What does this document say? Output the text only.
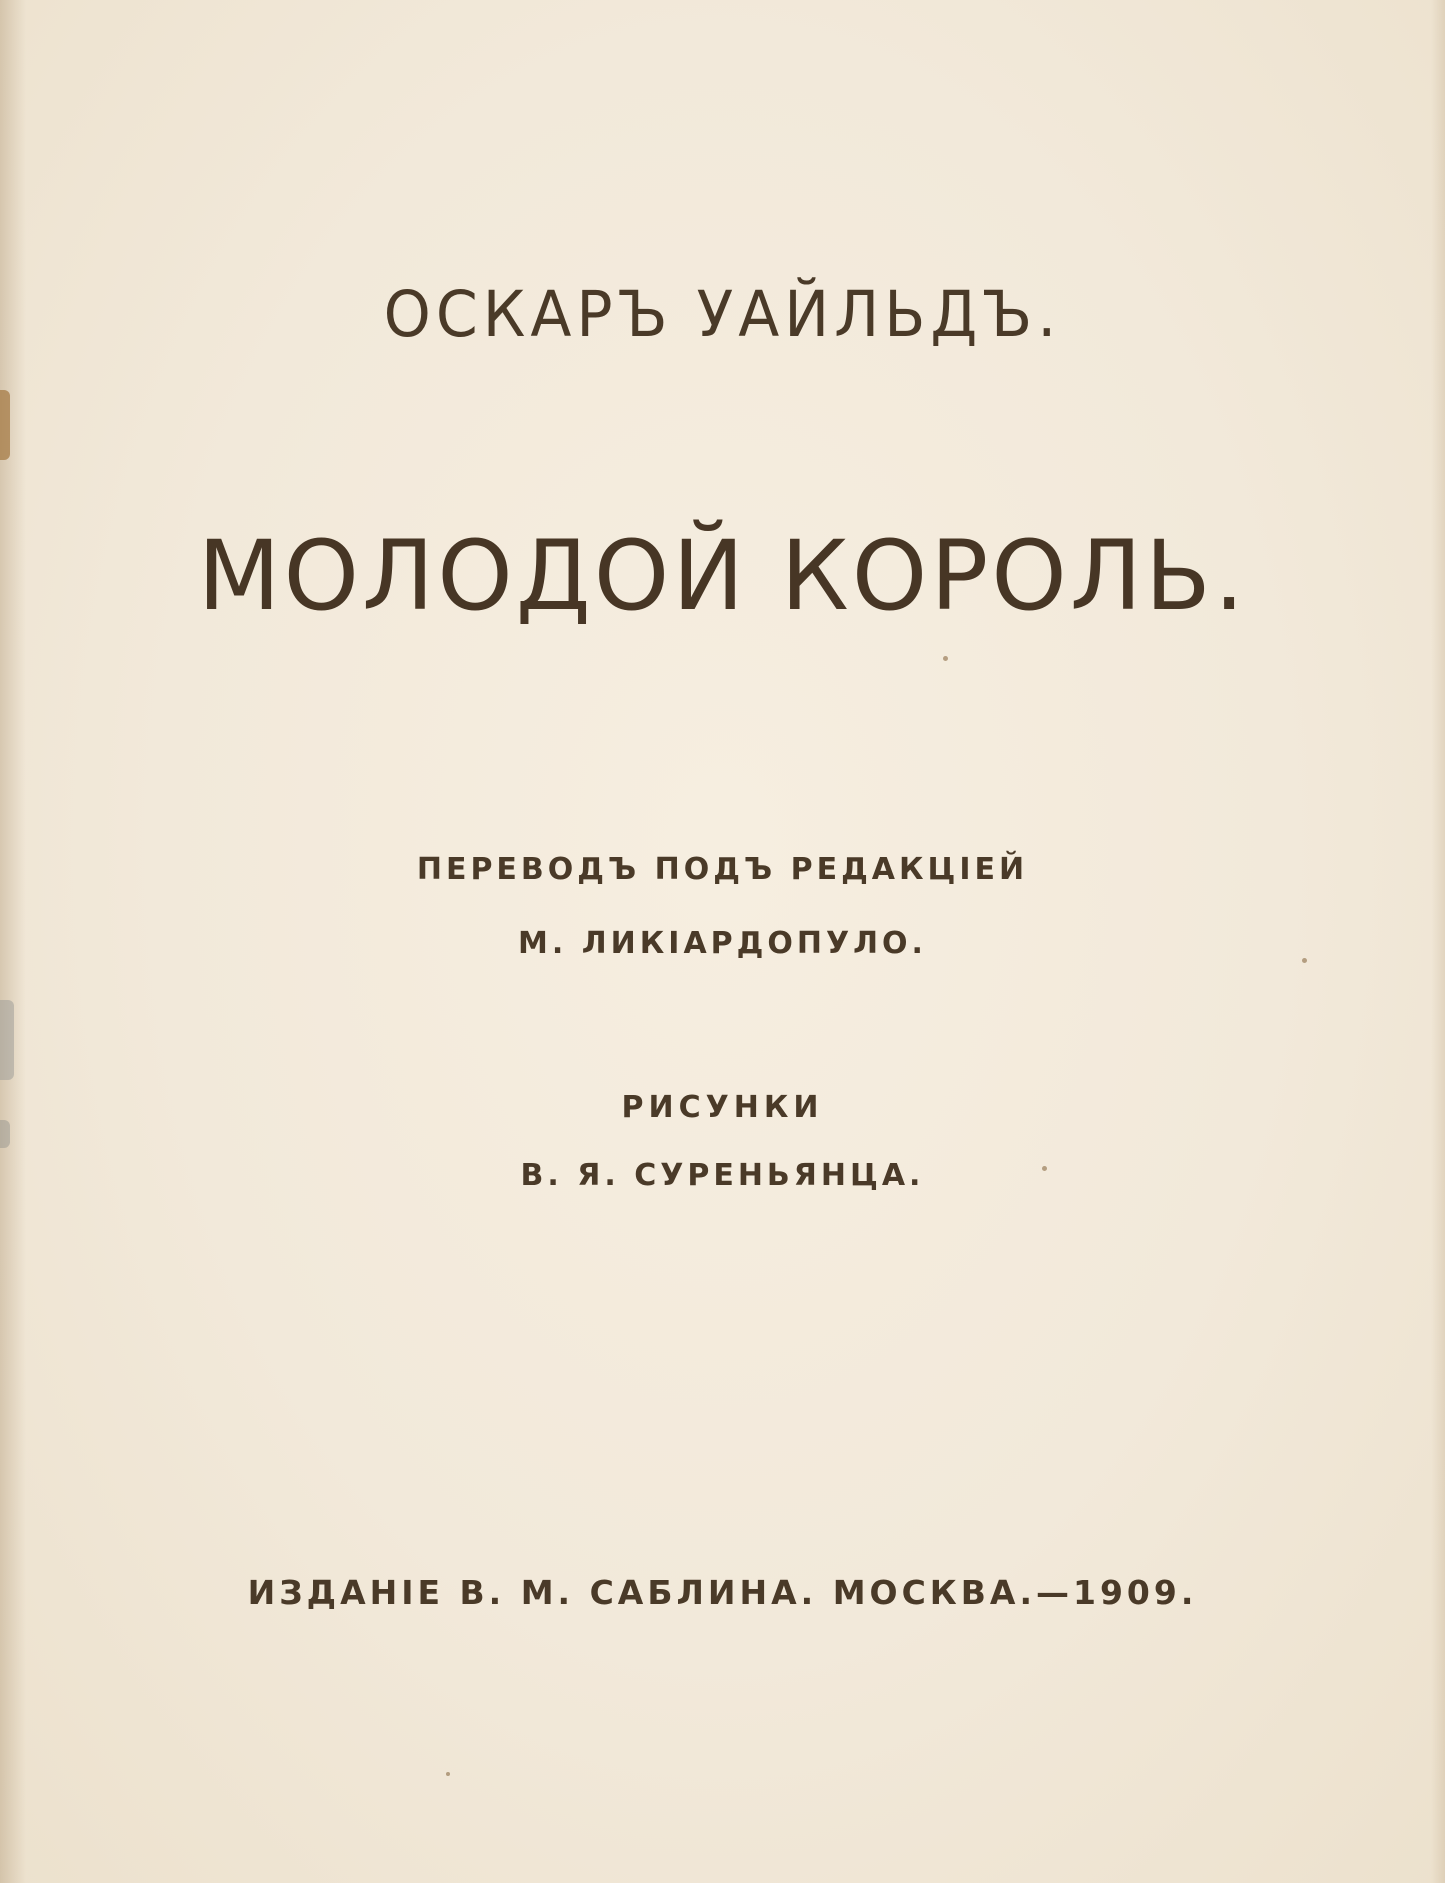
ОСКАРЪ УАЙЛЬДЪ.
МОЛОДОЙ КОРОЛЬ.

ПЕРЕВОДЪ ПОДЪ РЕДАКЦІЕЙ

М. ЛИКІАРДОПУЛО.

РИСУНКИ

В. Я. СУРЕНЬЯНЦА.

ИЗДАНІЕ В. М. САБЛИНА. МОСКВА.—1909.
